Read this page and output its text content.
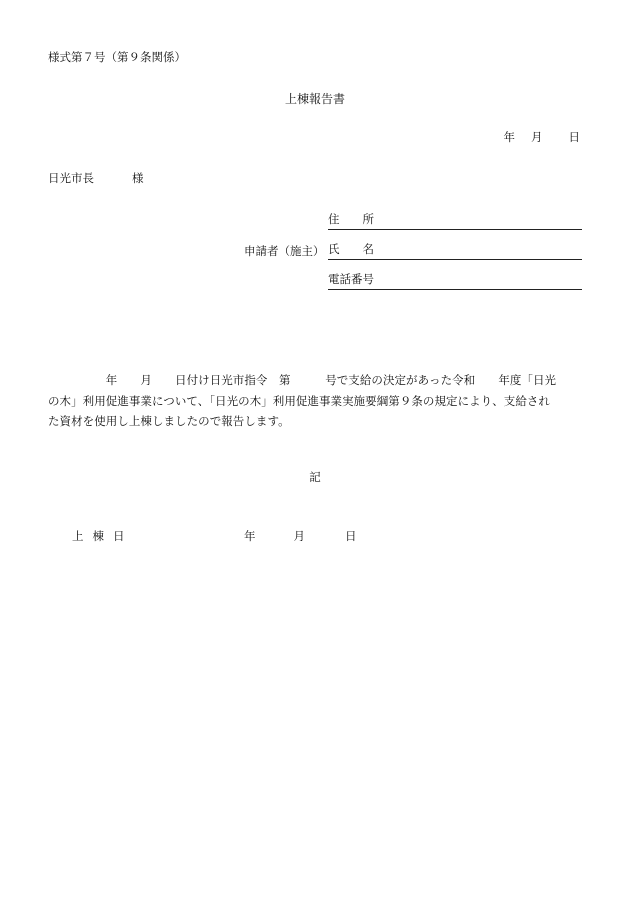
様式第７号（第９条関係）
上棟報告書
年 月 日
日光市長	様
申請者（施主）
住　　所
氏　　名
電話番号
　　　　　年　　月　　日付け日光市指令　第　　　号で支給の決定があった令和　　年度「日光
の木」利用促進事業について、「日光の木」利用促進事業実施要綱第９条の規定により、支給され
た資材を使用し上棟しましたので報告します。
記
上棟日	年	月	日
